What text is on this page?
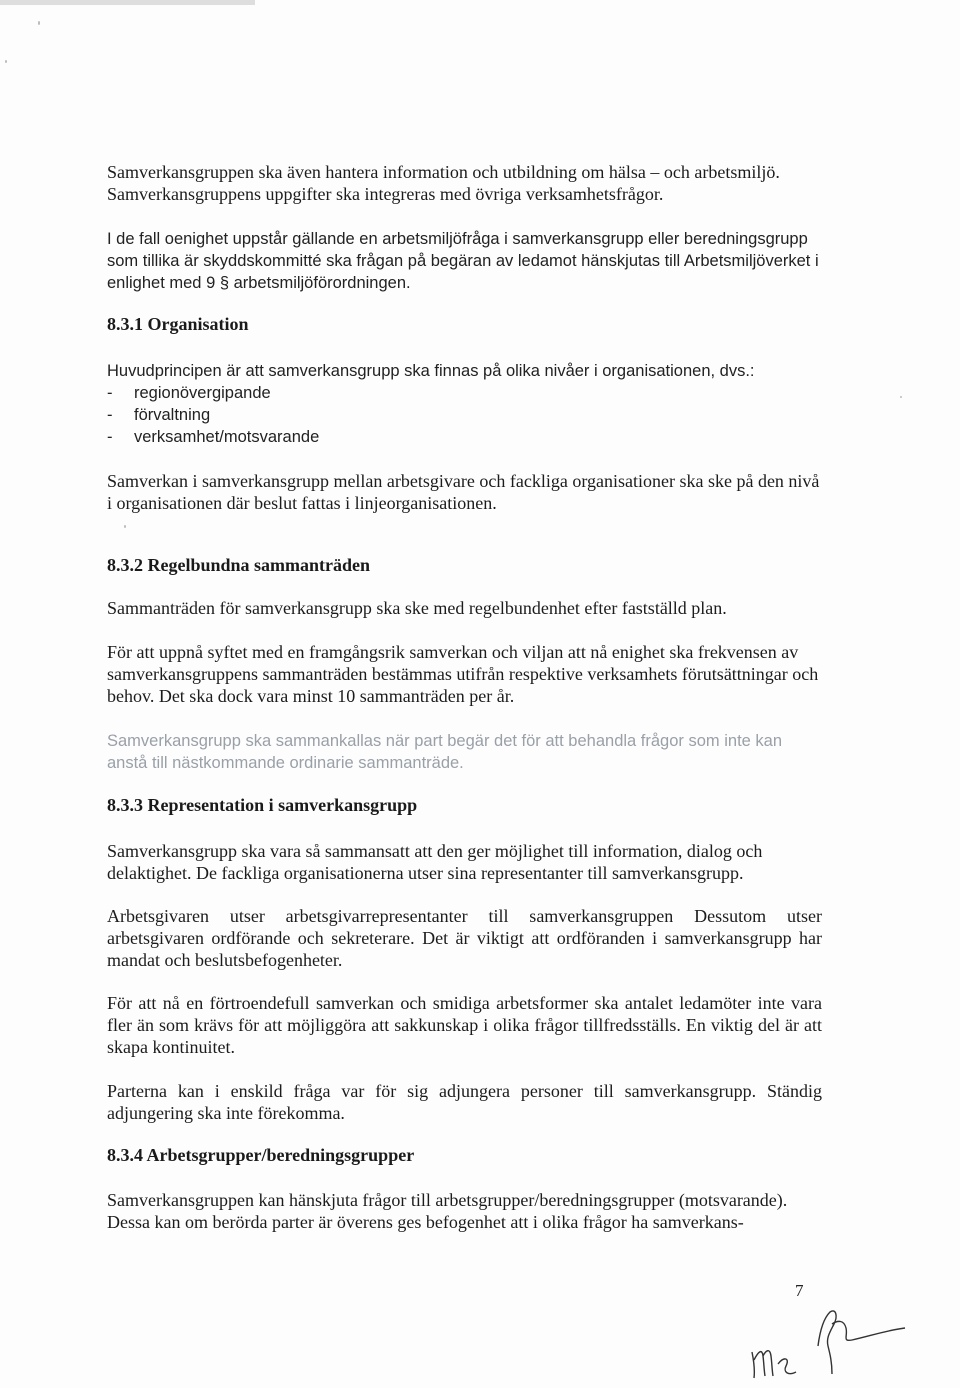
Samverkansgruppen ska även hantera information och utbildning om hälsa – och arbetsmiljö. Samverkansgruppens uppgifter ska integreras med övriga verksamhetsfrågor.

I de fall oenighet uppstår gällande en arbetsmiljöfråga i samverkansgrupp eller beredningsgrupp som tillika är skyddskommitté ska frågan på begäran av ledamot hänskjutas till Arbetsmiljöverket i enlighet med 9 § arbetsmiljöförordningen.

8.3.1 Organisation

Huvudprincipen är att samverkansgrupp ska finnas på olika nivåer i organisationen, dvs.:

-	regionövergipande
-	förvaltning
-	verksamhet/motsvarande

Samverkan i samverkansgrupp mellan arbetsgivare och fackliga organisationer ska ske på den nivå i organisationen där beslut fattas i linjeorganisationen.

8.3.2 Regelbundna sammanträden

Sammanträden för samverkansgrupp ska ske med regelbundenhet efter fastställd plan.

För att uppnå syftet med en framgångsrik samverkan och viljan att nå enighet ska frekvensen av samverkansgruppens sammanträden bestämmas utifrån respektive verksamhets förutsättningar och behov. Det ska dock vara minst 10 sammanträden per år.

Samverkansgrupp ska sammankallas när part begär det för att behandla frågor som inte kan anstå till nästkommande ordinarie sammanträde.

8.3.3 Representation i samverkansgrupp

Samverkansgrupp ska vara så sammansatt att den ger möjlighet till information, dialog och delaktighet. De fackliga organisationerna utser sina representanter till samverkansgrupp.

Arbetsgivaren utser arbetsgivarrepresentanter till samverkansgruppen Dessutom utser arbetsgivaren ordförande och sekreterare. Det är viktigt att ordföranden i samverkansgrupp har mandat och beslutsbefogenheter.

För att nå en förtroendefull samverkan och smidiga arbetsformer ska antalet ledamöter inte vara fler än som krävs för att möjliggöra att sakkunskap i olika frågor tillfredsställs. En viktig del är att skapa kontinuitet.

Parterna kan i enskild fråga var för sig adjungera personer till samverkansgrupp. Ständig adjungering ska inte förekomma.

8.3.4 Arbetsgrupper/beredningsgrupper

Samverkansgruppen kan hänskjuta frågor till arbetsgrupper/beredningsgrupper (motsvarande). Dessa kan om berörda parter är överens ges befogenhet att i olika frågor ha samverkans-

7
